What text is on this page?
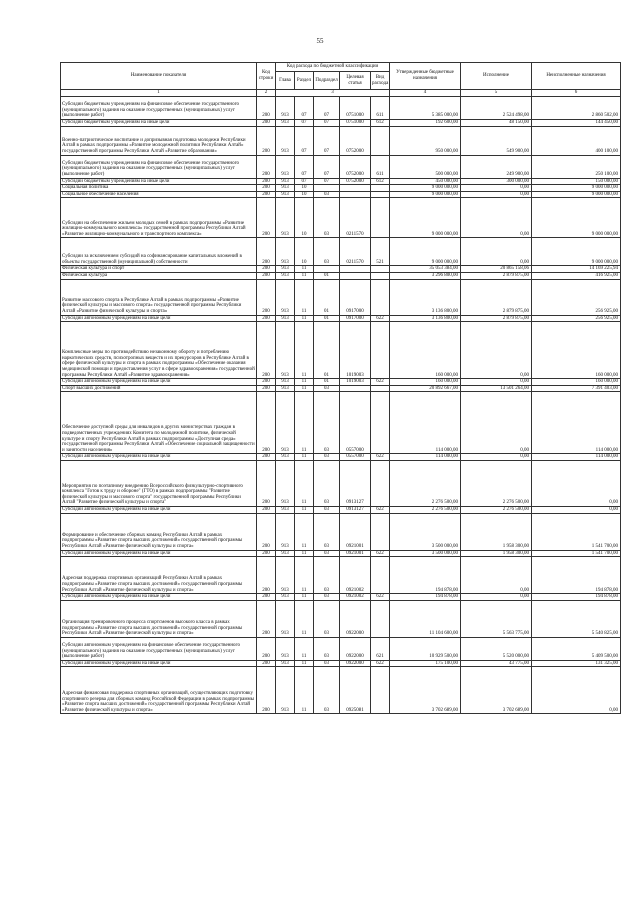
55
Наименование показателя	Код строки	Код расхода по бюджетной классификации					Утвержденные бюджетные назначения	Исполнение	Неисполненные назначения
		Глава	Раздел	Подраздел	Целевая статья	Вид расхода			
1	2	3					4	5	6
Субсидии бюджетным учреждениям на финансовое обеспечение государственного (муниципального) задания на оказание государственных (муниципальных) услуг (выполнение работ)	200	913	07	07	0751000	611	5 385 000,00	2 524 498,00	2 860 502,00
Субсидии бюджетным учреждениям на иные цели	200	913	07	07	0751000	612	192 600,00	48 150,00	144 450,00
Военно-патриотическое воспитание и допризывная подготовка молодежи Республики Алтай в рамках подпрограммы «Развитие молодежной политики Республики Алтай» государственной программы Республики Алтай «Развитие образования»	200	913	07	07	0752000		950 000,00	549 900,00	400 100,00
Субсидии бюджетным учреждениям на финансовое обеспечение государственного (муниципального) задания на оказание государственных (муниципальных) услуг (выполнение работ)	200	913	07	07	0752000	611	500 000,00	249 900,00	250 100,00
Субсидии бюджетным учреждениям на иные цели	200	913	07	07	0752000	612	450 000,00	300 000,00	150 000,00
Социальная политика	200	913	10				9 000 000,00	0,00	9 000 000,00
Социальное обеспечение населения	200	913	10	03			9 000 000,00	0,00	9 000 000,00
Субсидии на обеспечение жильем молодых семей в рамках подпрограммы «Развитие жилищно-коммунального комплекса» государственной программы Республики Алтай «Развитие жилищно-коммунального и транспортного комплекса»	200	913	10	03	0211570		9 000 000,00	0,00	9 000 000,00
Субсидии за исключением субсидий на софинансирование капитальных вложений в объекты государственной (муниципальной) собственности	200	913	10	03	0211570	521	9 000 000,00	0,00	9 000 000,00
Физическая культура и спорт	200	913	11				35 053 384,00	20 865 158,06	14 169 225,94
Физическая культура	200	913	11	01			3 296 800,00	2 879 875,00	416 925,00
Развитие массового спорта в Республике Алтай в рамках подпрограммы «Развитие физической культуры и массового спорта» государственной программы Республики Алтай «Развитие физической культуры и спорта»	200	913	11	01	0917000		3 136 800,00	2 879 875,00	256 925,00
Субсидии автономным учреждениям на иные цели	200	913	11	01	0917000	622	3 136 800,00	2 879 875,00	256 925,00
Комплексные меры по противодействию незаконному обороту и потреблению наркотических средств, психотропных веществ и их прекурсоров в Республике Алтай в сфере физической культуры и спорта в рамках подпрограммы «Обеспечение оказания медицинской помощи и предоставления услуг в сфере здравоохранения» государственной программы Республики Алтай «Развитие здравоохранения»	200	913	11	01	1019003		160 000,00	0,00	160 000,00
Субсидии автономным учреждениям на иные цели	200	913	11	01	1019003	622	160 000,00	0,00	160 000,00
Спорт высших достижений	200	913	11	03			20 892 667,00	13 501 264,00	7 391 403,00
Обеспечение доступной среды для инвалидов в других министерствах граждан в подведомственных учреждениях Комитета по молодежной политике, физической культуре и спорту Республики Алтай в рамках подпрограммы «Доступная среда» государственной программы Республики Алтай «Обеспечение социальной защищенности и занятости населения»	200	913	11	03	0557000		114 000,00	0,00	114 000,00
Субсидии автономным учреждениям на иные цели	200	913	11	03	0557000	622	114 000,00	0,00	114 000,00
Мероприятия по поэтапному внедрению Всероссийского физкультурно-спортивного комплекса "Готов к труду и обороне" (ГТО) в рамках подпрограммы "Развитие физической культуры и массового спорта" государственной программы Республики Алтай "Развитие физической культуры и спорта"	200	913	11	03	0913127		2 276 500,00	2 276 500,00	0,00
Субсидии автономным учреждениям на иные цели	200	913	11	03	0913127	622	2 276 500,00	2 276 500,00	0,00
Формирование и обеспечение сборных команд Республики Алтай в рамках подпрограммы «Развитие спорта высших достижений» государственной программы Республики Алтай «Развитие физической культуры и спорта»	200	913	11	03	0921001		3 500 000,00	1 958 300,00	1 541 700,00
Субсидии автономным учреждениям на иные цели	200	913	11	03	0921001	622	3 500 000,00	1 958 300,00	1 541 700,00
Адресная поддержка спортивных организаций Республики Алтай в рамках подпрограммы «Развитие спорта высших достижений» государственной программы Республики Алтай «Развитие физической культуры и спорта»	200	913	11	03	0921002		194 878,00	0,00	194 878,00
Субсидии автономным учреждениям на иные цели	200	913	11	03	0921002	622	194 878,00	0,00	194 878,00
Организация тренировочного процесса спортсменов высокого класса в рамках подпрограммы «Развитие спорта высших достижений» государственной программы Республики Алтай «Развитие физической культуры и спорта»	200	913	11	03	0922000		11 104 600,00	5 563 775,00	5 540 825,00
Субсидии автономным учреждениям на финансовое обеспечение государственного (муниципального) задания на оказание государственных (муниципальных) услуг (выполнение работ)	200	913	11	03	0922000	621	10 929 500,00	5 520 000,00	5 409 500,00
Субсидии автономным учреждениям на иные цели	200	913	11	03	0922000	622	175 100,00	43 775,00	131 325,00
Адресная финансовая поддержка спортивных организаций, осуществляющих подготовку спортивного резерва для сборных команд Российской Федерации в рамках подпрограммы «Развитие спорта высших достижений» государственной программы Республики Алтай «Развитие физической культуры и спорта»	200	913	11	03	0925081		3 702 689,00	3 702 689,00	0,00
